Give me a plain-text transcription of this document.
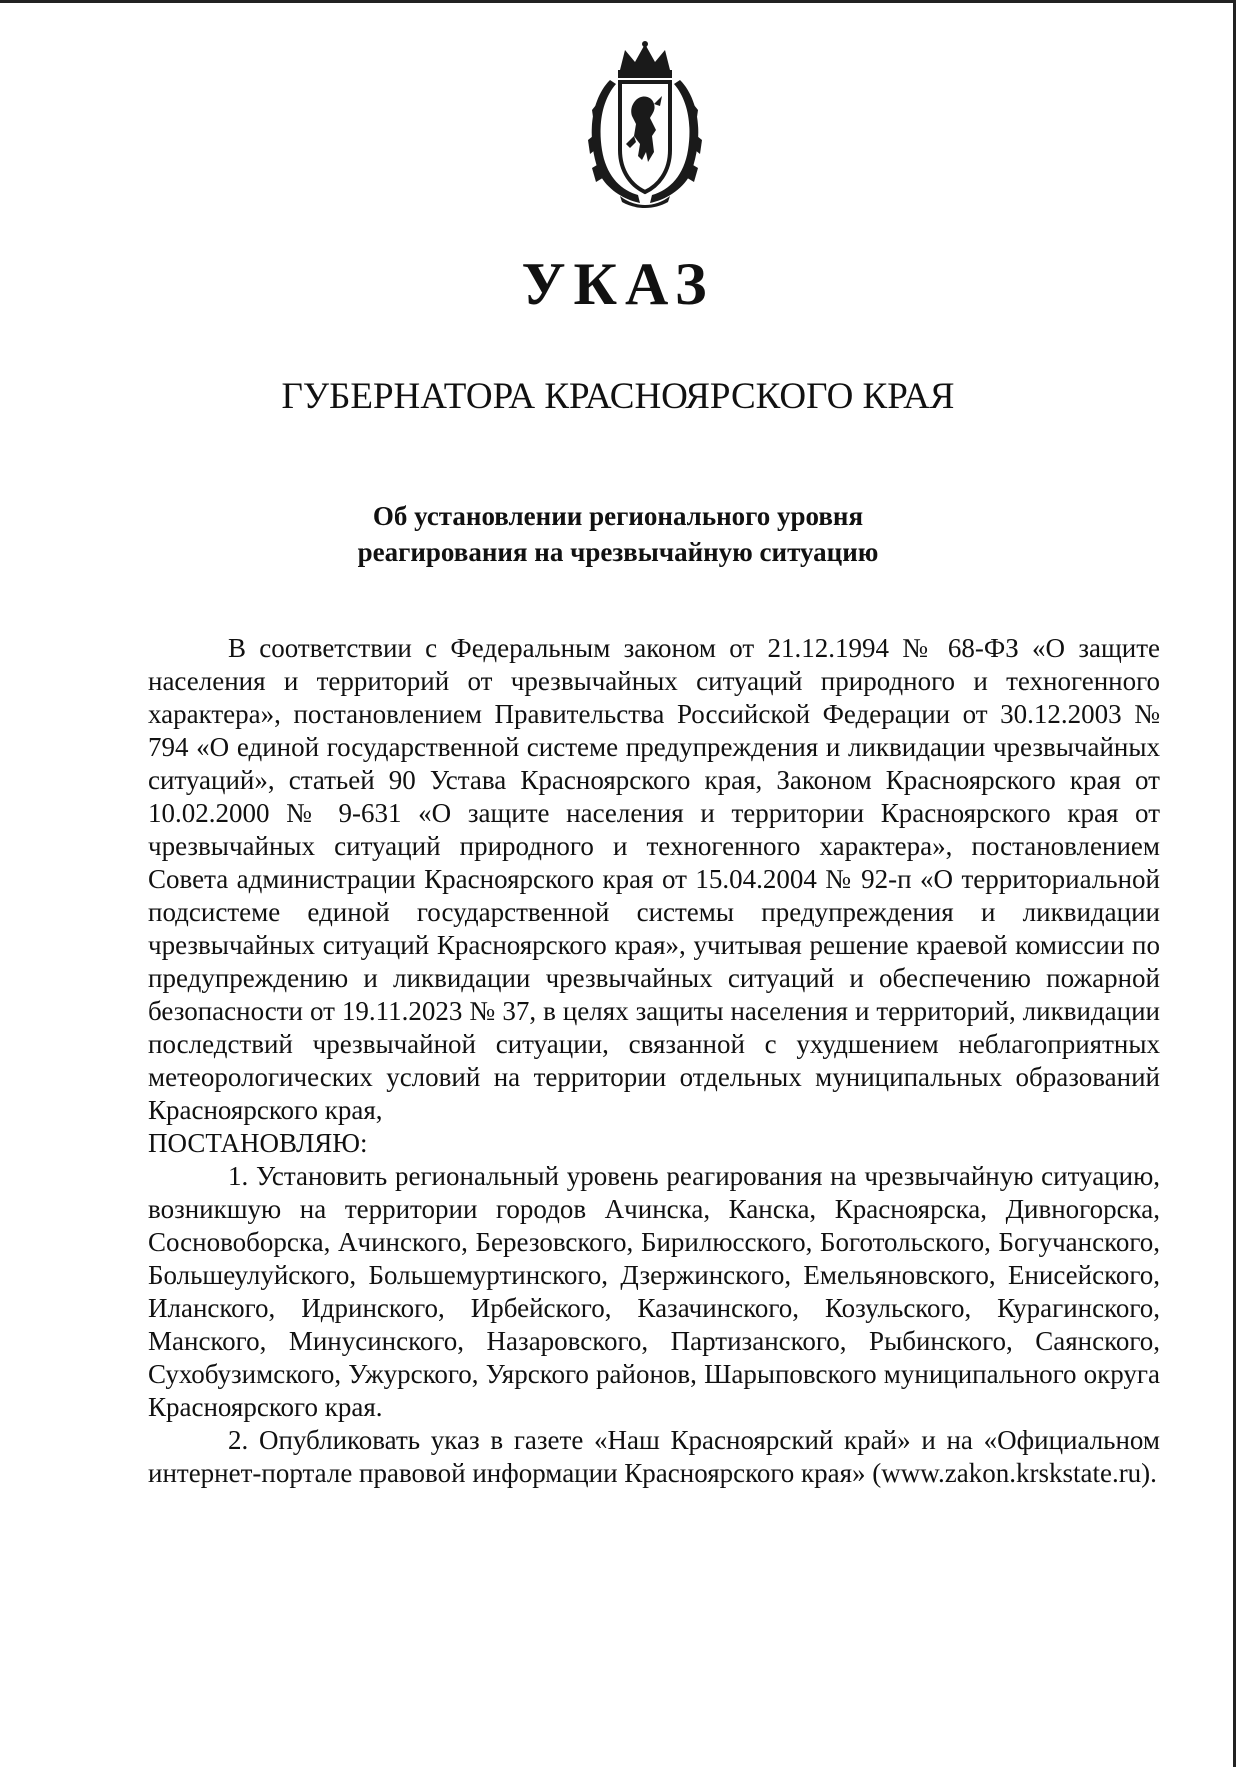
УКАЗ
ГУБЕРНАТОРА КРАСНОЯРСКОГО КРАЯ
Об установлении регионального уровня
реагирования на чрезвычайную ситуацию

В соответствии с Федеральным законом от 21.12.1994 № 68-ФЗ «О защите населения и территорий от чрезвычайных ситуаций природного и техногенного характера», постановлением Правительства Российской Федерации от 30.12.2003 № 794 «О единой государственной системе предупреждения и ликвидации чрезвычайных ситуаций», статьей 90 Устава Красноярского края, Законом Красноярского края от 10.02.2000 № 9-631 «О защите населения и территории Красноярского края от чрезвычайных ситуаций природного и техногенного характера», постановлением Совета администрации Красноярского края от 15.04.2004 № 92-п «О территориальной подсистеме единой государственной системы предупреждения и ликвидации чрезвычайных ситуаций Красноярского края», учитывая решение краевой комиссии по предупреждению и ликвидации чрезвычайных ситуаций и обеспечению пожарной безопасности от 19.11.2023 № 37, в целях защиты населения и территорий, ликвидации последствий чрезвычайной ситуации, связанной с ухудшением неблагоприятных метеорологических условий на территории отдельных муниципальных образований Красноярского края,

ПОСТАНОВЛЯЮ:

1. Установить региональный уровень реагирования на чрезвычайную ситуацию, возникшую на территории городов Ачинска, Канска, Красноярска, Дивногорска, Сосновоборска, Ачинского, Березовского, Бирилюсского, Боготольского, Богучанского, Большеулуйского, Большемуртинского, Дзержинского, Емельяновского, Енисейского, Иланского, Идринского, Ирбейского, Казачинского, Козульского, Курагинского, Манского, Минусинского, Назаровского, Партизанского, Рыбинского, Саянского, Сухобузимского, Ужурского, Уярского районов, Шарыповского муниципального округа Красноярского края.

2. Опубликовать указ в газете «Наш Красноярский край» и на «Официальном интернет-портале правовой информации Красноярского края» (www.zakon.krskstate.ru).
